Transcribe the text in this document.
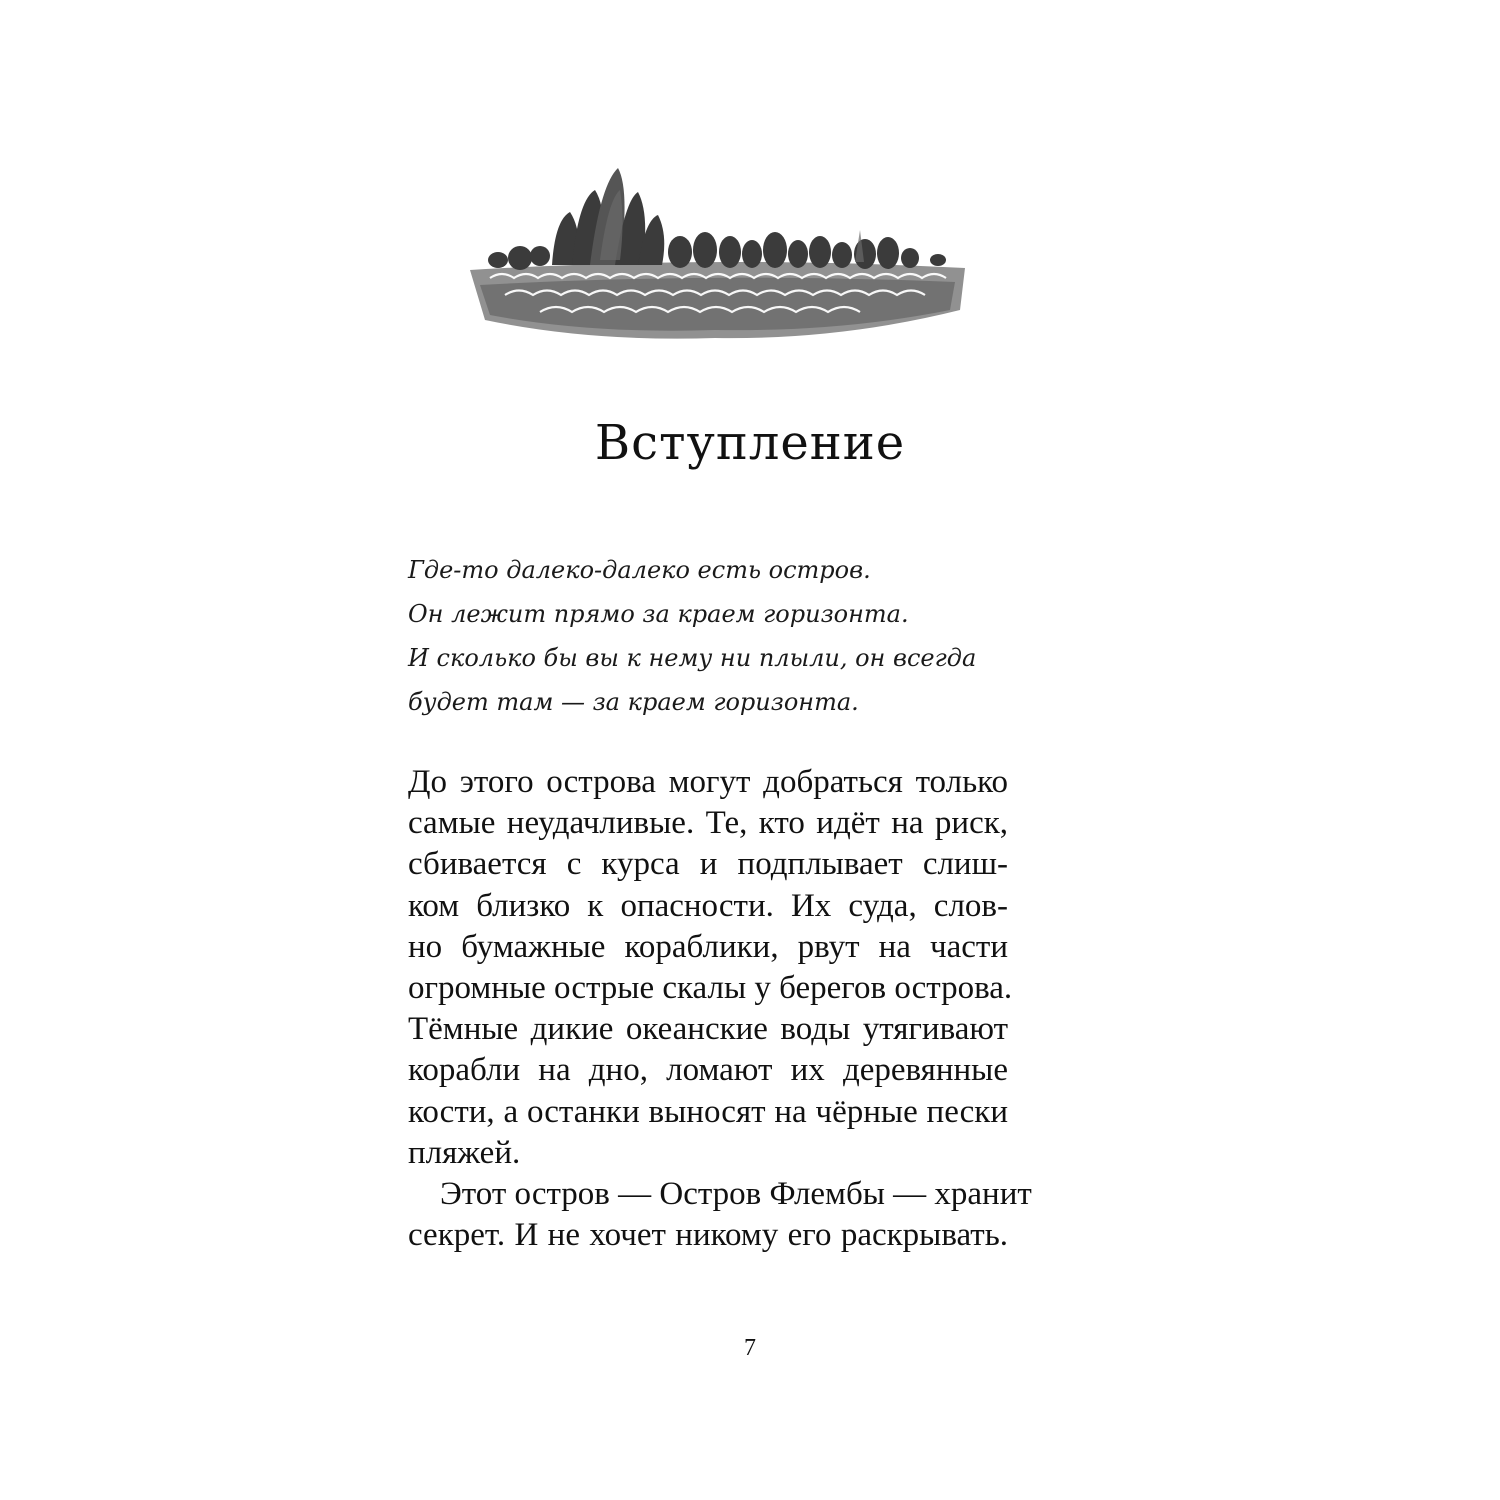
Вступление
Где-то далеко-далеко есть остров.
Он лежит прямо за краем горизонта.
И сколько бы вы к нему ни плыли, он всегда
будет там — за краем горизонта.

До этого острова могут добраться только
самые неудачливые. Те, кто идёт на риск,
сбивается с курса и подплывает слиш-
ком близко к опасности. Их суда, слов-
но бумажные кораблики, рвут на части
огромные острые скалы у берегов острова.
Тёмные дикие океанские воды утягивают
корабли на дно, ломают их деревянные
кости, а останки выносят на чёрные пески
пляжей.

Этот остров — Остров Флембы — хранит
секрет. И не хочет никому его раскрывать.

7
